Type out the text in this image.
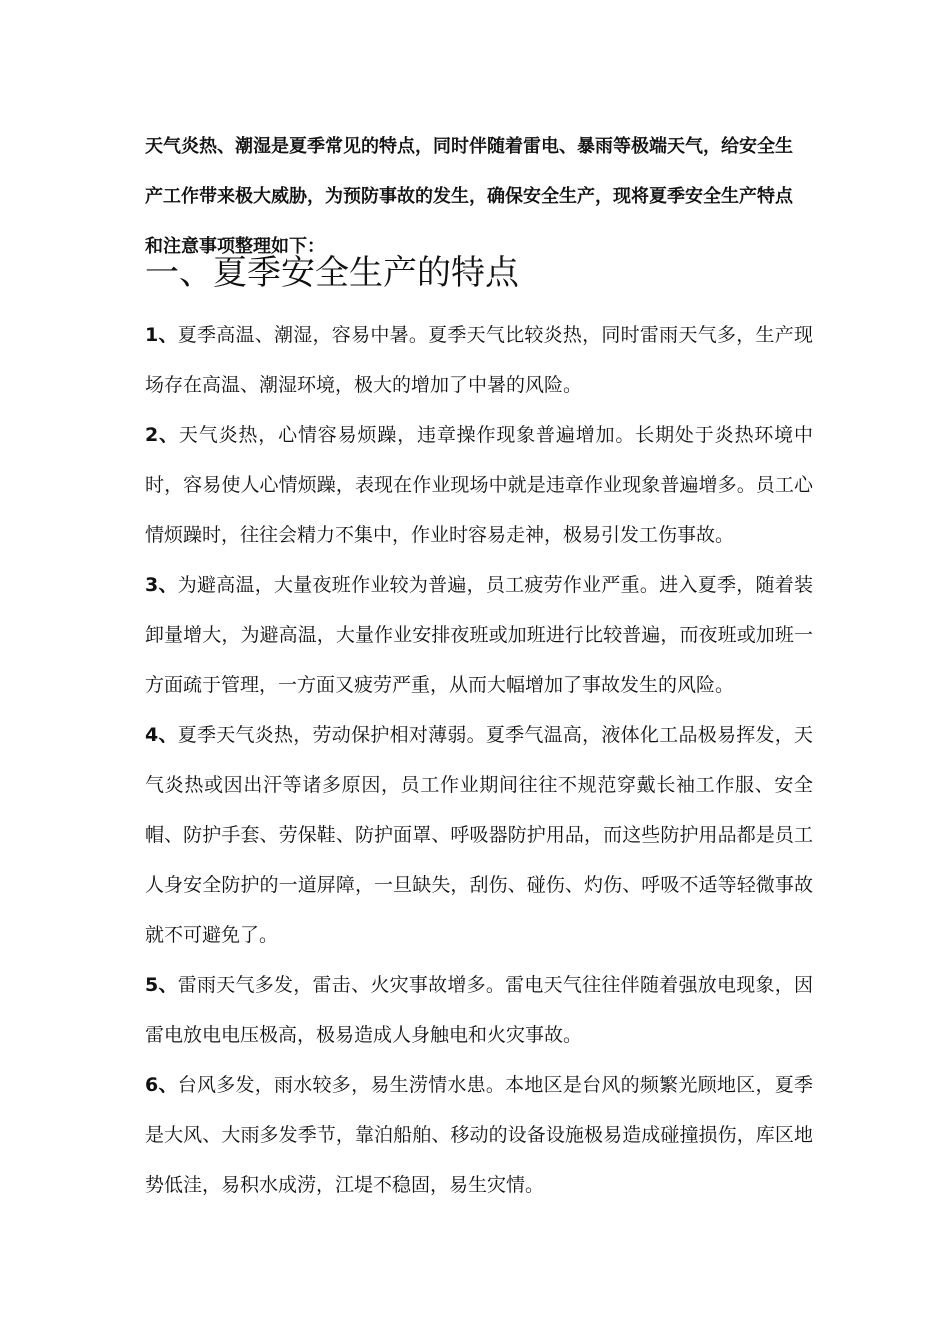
天气炎热、潮湿是夏季常见的特点，同时伴随着雷电、暴雨等极端天气，给安全生产工作带来极大威胁，为预防事故的发生，确保安全生产，现将夏季安全生产特点和注意事项整理如下：

一、夏季安全生产的特点

1、夏季高温、潮湿，容易中暑。夏季天气比较炎热，同时雷雨天气多，生产现场存在高温、潮湿环境，极大的增加了中暑的风险。

2、天气炎热，心情容易烦躁，违章操作现象普遍增加。长期处于炎热环境中时，容易使人心情烦躁，表现在作业现场中就是违章作业现象普遍增多。员工心情烦躁时，往往会精力不集中，作业时容易走神，极易引发工伤事故。

3、为避高温，大量夜班作业较为普遍，员工疲劳作业严重。进入夏季，随着装卸量增大，为避高温，大量作业安排夜班或加班进行比较普遍，而夜班或加班一方面疏于管理，一方面又疲劳严重，从而大幅增加了事故发生的风险。

4、夏季天气炎热，劳动保护相对薄弱。夏季气温高，液体化工品极易挥发，天气炎热或因出汗等诸多原因，员工作业期间往往不规范穿戴长袖工作服、安全帽、防护手套、劳保鞋、防护面罩、呼吸器防护用品，而这些防护用品都是员工人身安全防护的一道屏障，一旦缺失，刮伤、碰伤、灼伤、呼吸不适等轻微事故就不可避免了。

5、雷雨天气多发，雷击、火灾事故增多。雷电天气往往伴随着强放电现象，因雷电放电电压极高，极易造成人身触电和火灾事故。

6、台风多发，雨水较多，易生涝情水患。本地区是台风的频繁光顾地区，夏季是大风、大雨多发季节，靠泊船舶、移动的设备设施极易造成碰撞损伤，库区地势低洼，易积水成涝，江堤不稳固，易生灾情。
